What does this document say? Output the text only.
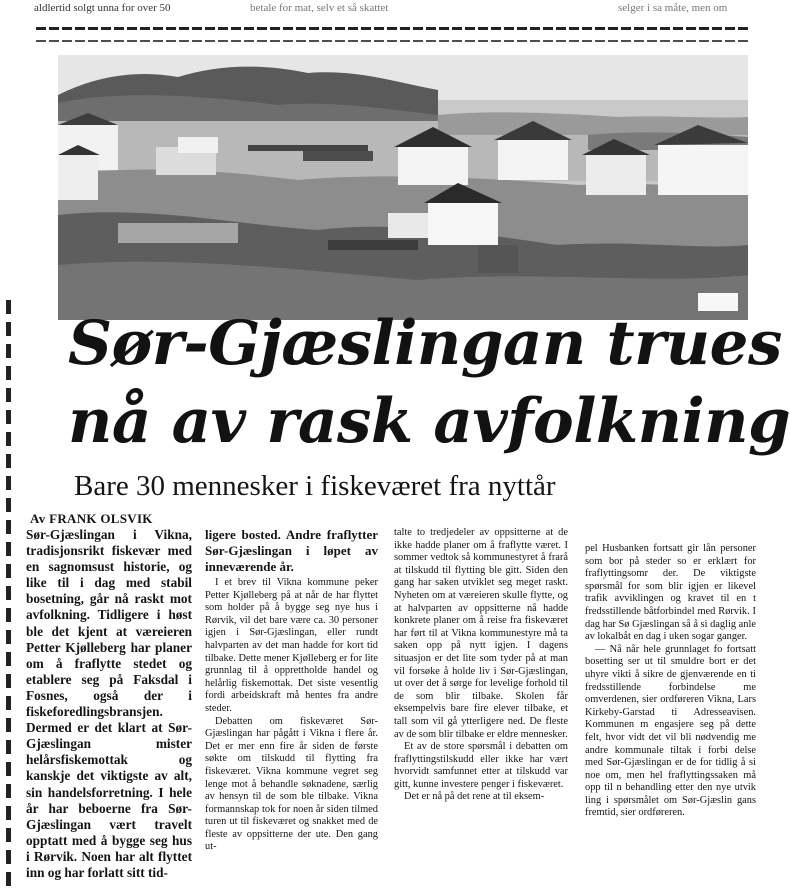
aldlertid solgt unna for over 50	betale for mat, selv et så skattet	selger i sa måte, men om
Sør-Gjæslingan trues
nå av rask avfolkning
Bare 30 mennesker i fiskeværet fra nyttår
Av FRANK OLSVIK

Sør-Gjæslingan i Vikna, tradisjonsrikt fiskevær med en sagnomsust historie, og like til i dag med stabil bosetning, går nå raskt mot avfolkning. Tidligere i høst ble det kjent at væreieren Petter Kjølleberg har planer om å fraflytte stedet og etablere seg på Faksdal i Fosnes, også der i fiskeforedlingsbransjen. Dermed er det klart at Sør-Gjæslingan mister helårsfiskemottak og kanskje det viktigste av alt, sin handelsforretning. I hele år har beboerne fra Sør-Gjæslingan vært travelt opptatt med å bygge seg hus i Rørvik. Noen har alt flyttet inn og har forlatt sitt tid-

ligere bosted. Andre fraflytter Sør-Gjæslingan i løpet av inneværende år.

I et brev til Vikna kommune peker Petter Kjølleberg på at når de har flyttet som holder på å bygge seg nye hus i Rørvik, vil det bare være ca. 30 personer igjen i Sør-Gjæslingan, eller rundt halvparten av det man hadde for kort tid tilbake. Dette mener Kjølleberg er for lite grunnlag til å opprettholde handel og helårlig fiskemottak. Det siste vesentlig fordi arbeidskraft må hentes fra andre steder.

Debatten om fiskeværet Sør-Gjæslingan har pågått i Vikna i flere år. Det er mer enn fire år siden de første søkte om tilskudd til flytting fra fiskeværet. Vikna kommune vegret seg lenge mot å behandle søknadene, særlig av hensyn til de som ble tilbake. Vikna formannskap tok for noen år siden tilmed turen ut til fiskeværet og snakket med de fleste av oppsitterne der ute. Den gang ut-

talte to tredjedeler av oppsitterne at de ikke hadde planer om å fraflytte været. I sommer vedtok så kommunestyret å frarå at tilskudd til flytting ble gitt. Siden den gang har saken utviklet seg meget raskt. Nyheten om at væreieren skulle flytte, og at halvparten av oppsitterne nå hadde konkrete planer om å reise fra fiskeværet har ført til at Vikna kommunestyre må ta saken opp på nytt igjen. I dagens situasjon er det lite som tyder på at man vil forsøke å holde liv i Sør-Gjæslingan, ut over det å sørge for levelige forhold til de som blir tilbake. Skolen får eksempelvis bare fire elever tilbake, et tall som vil gå ytterligere ned. De fleste av de som blir tilbake er eldre mennesker.

Et av de store spørsmål i debatten om fraflyttingstilskudd eller ikke har vært hvorvidt samfunnet etter at tilskudd var gitt, kunne investere penger i fiskeværet.

Det er nå på det rene at til eksem-

pel Husbanken fortsatt gir lån personer som bor på steder so er erklært for fraflyttingsomr der. De viktigste spørsmål for som blir igjen er likevel trafik avviklingen og kravet til en t fredsstillende båtforbindel med Rørvik. I dag har Sø Gjæslingan så å si daglig anle av lokalbåt en dag i uken sogar ganger.

— Nå når hele grunnlaget fo fortsatt bosetting ser ut til smuldre bort er det uhyre vikti å sikre de gjenværende en ti fredsstillende forbindelse me omverdenen, sier ordføreren Vikna, Lars Kirkeby-Garstad ti Adresseavisen. Kommunen m engasjere seg på dette felt, hvor vidt det vil bli nødvendig me andre kommunale tiltak i forbi delse med Sør-Gjæslingan er de for tidlig å si noe om, men hel fraflyttingssaken må opp til n behandling etter den nye utvik ling i spørsmålet om Sør-Gjæslin gans fremtid, sier ordføreren.
